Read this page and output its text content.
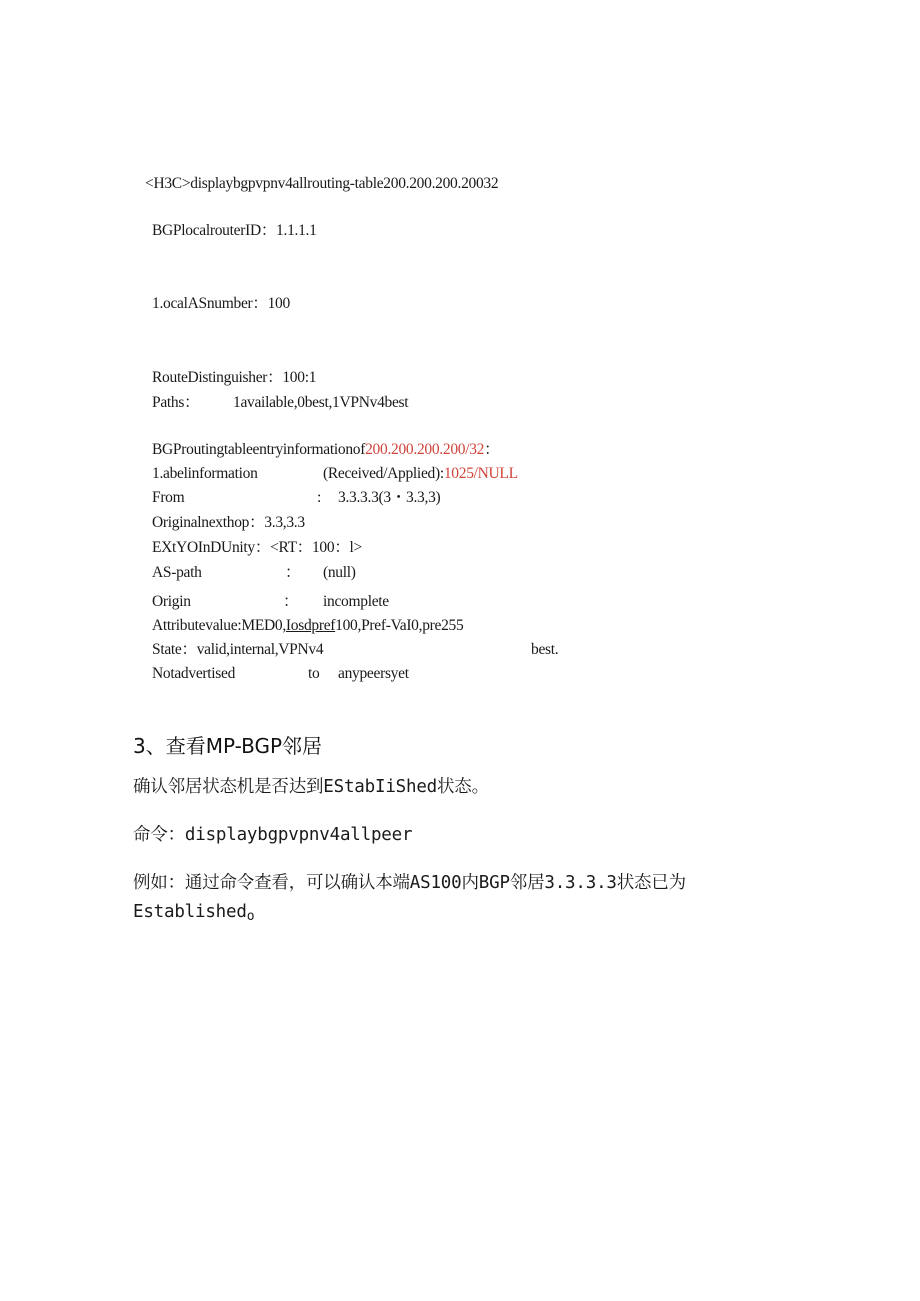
<H3C>displaybgpvpnv4allrouting-table200.200.200.20032
BGPlocalrouterID：1.1.1.1
1.ocalASnumber：100
RouteDistinguisher：100:1
Paths： 1available,0best,1VPNv4best
BGProutingtableentryinformationof200.200.200.200/32：
1.abelinformation	(Received/Applied):1025/NULL
From	: 3.3.3.3(3・3.3,3)
Originalnexthop：3.3,3.3
EXtYOInDUnity：<RT：100：l>
AS-path	： (null)
Origin	： incomplete
Attributevalue:MED0,Iosdpref100,Pref-VaI0,pre255
State：valid,internal,VPNv4	best.
Notadvertised	to anypeersyet
3、查看MP-BGP邻居
确认邻居状态机是否达到EStabIiShed状态。
命令：displaybgpvpnv4allpeer
例如：通过命令查看，可以确认本端AS100内BGP邻居3.3.3.3状态已为
Established$_o$
